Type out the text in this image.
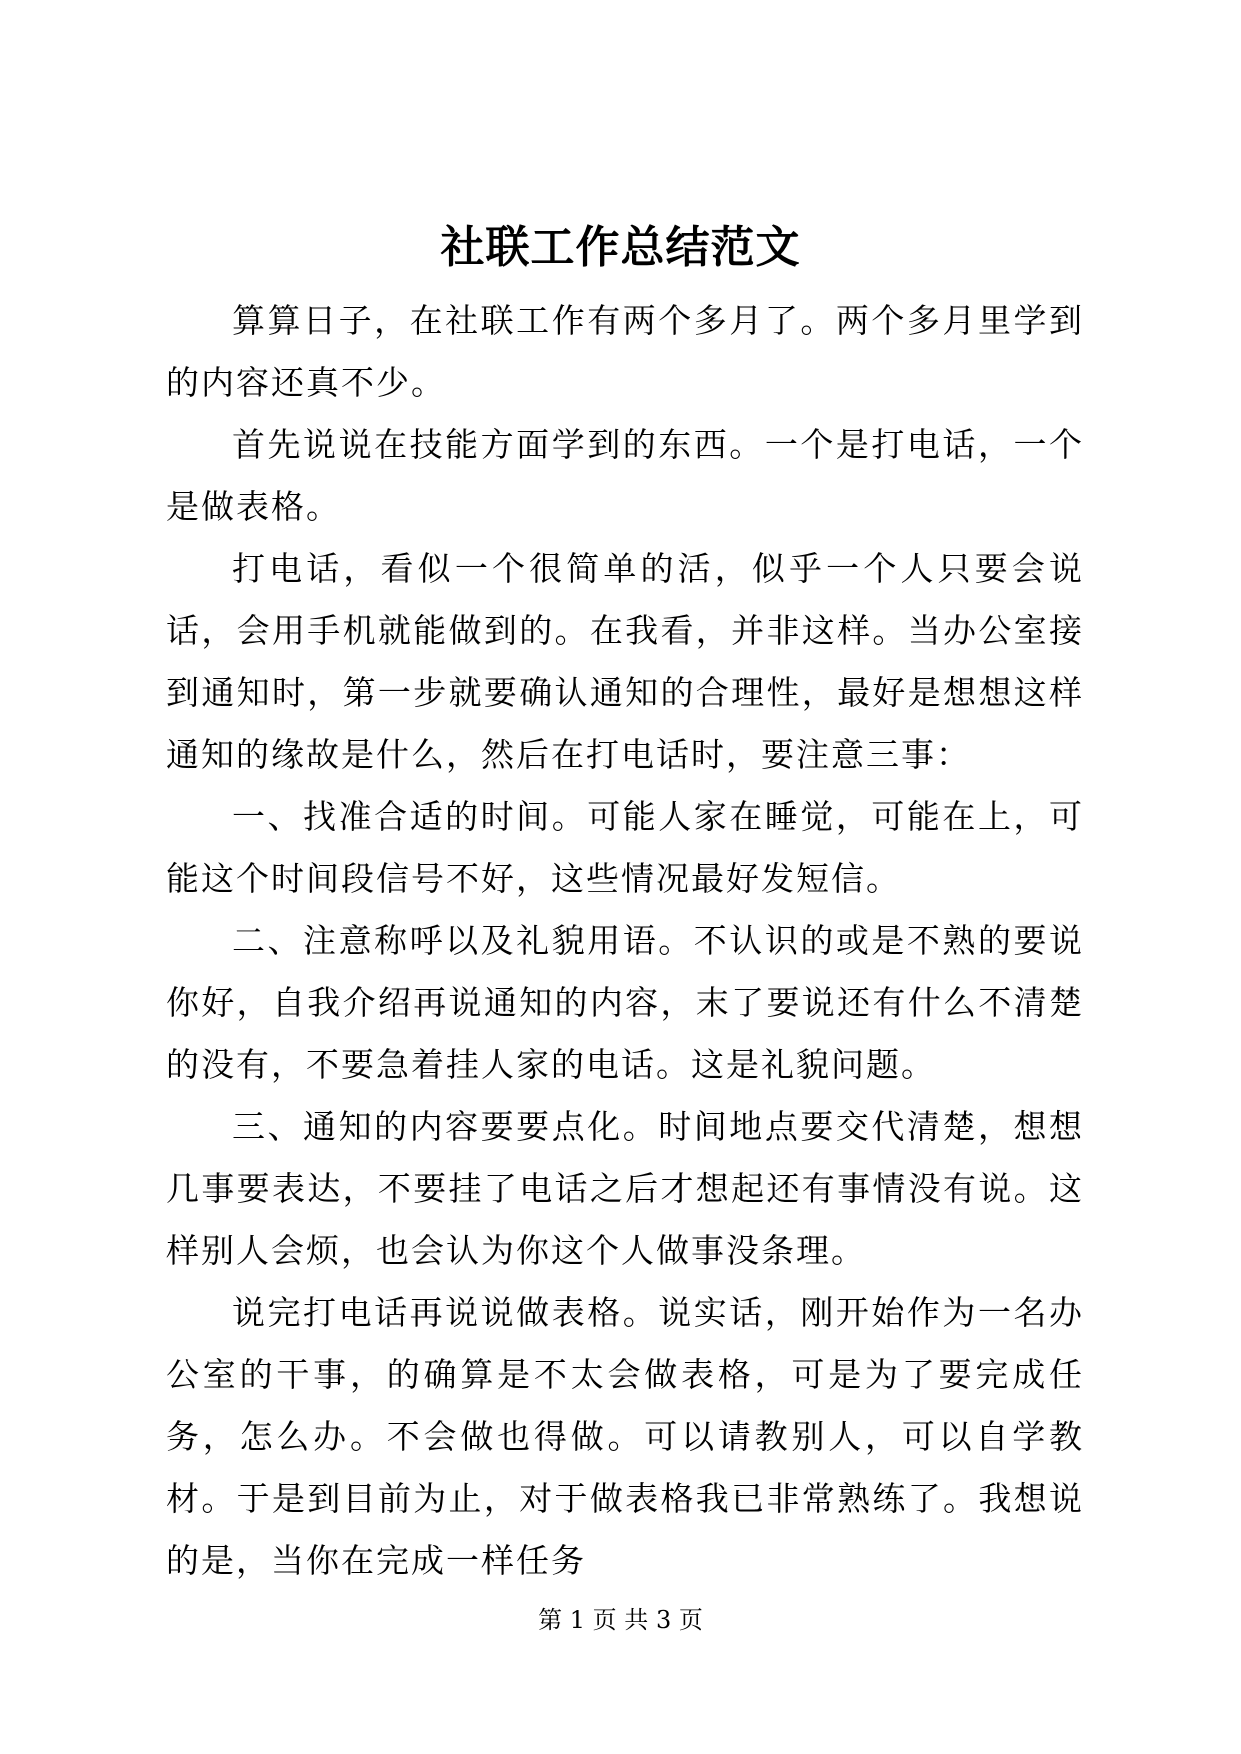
社联工作总结范文

算算日子，在社联工作有两个多月了。两个多月里学到的内容还真不少。

首先说说在技能方面学到的东西。一个是打电话，一个是做表格。

打电话，看似一个很简单的活，似乎一个人只要会说话，会用手机就能做到的。在我看，并非这样。当办公室接到通知时，第一步就要确认通知的合理性，最好是想想这样通知的缘故是什么，然后在打电话时，要注意三事：

一、找准合适的时间。可能人家在睡觉，可能在上，可能这个时间段信号不好，这些情况最好发短信。

二、注意称呼以及礼貌用语。不认识的或是不熟的要说你好，自我介绍再说通知的内容，末了要说还有什么不清楚的没有，不要急着挂人家的电话。这是礼貌问题。

三、通知的内容要要点化。时间地点要交代清楚，想想几事要表达，不要挂了电话之后才想起还有事情没有说。这样别人会烦，也会认为你这个人做事没条理。

说完打电话再说说做表格。说实话，刚开始作为一名办公室的干事，的确算是不太会做表格，可是为了要完成任务，怎么办。不会做也得做。可以请教别人，可以自学教材。于是到目前为止，对于做表格我已非常熟练了。我想说的是，当你在完成一样任务

第 1 页 共 3 页
